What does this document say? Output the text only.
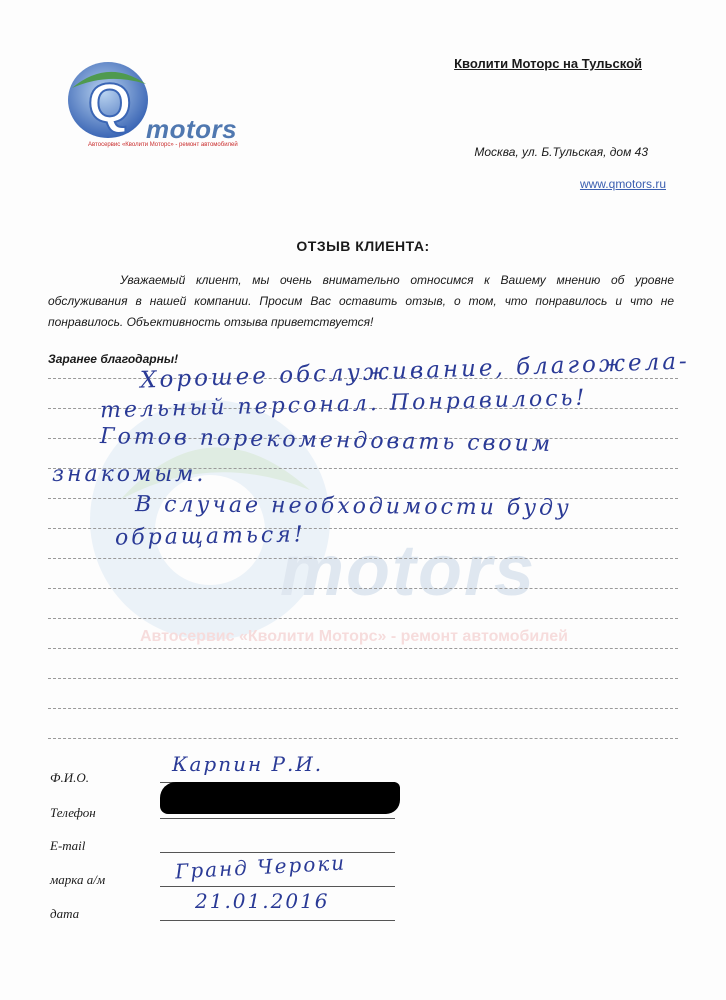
motors
Автосервис «Кволити Моторс» - ремонт автомобилей
Q motors
Автосервис «Кволити Моторс» - ремонт автомобилей
Кволити Моторс на Тульской
Москва, ул. Б.Тульская, дом 43
www.qmotors.ru
ОТЗЫВ КЛИЕНТА:
Уважаемый клиент, мы очень внимательно относимся к Вашему мнению об уровне обслуживания в нашей компании. Просим Вас оставить отзыв, о том, что понравилось и что не понравилось. Объективность отзыва приветствуется!
Заранее благодарны!
Хорошее обслуживание, благожела-
тельный персонал. Понравилось!
Готов порекомендовать своим
знакомым.
В случае необходимости буду
обращаться!
Ф.И.О.
Карпин Р.И.
Телефон
E-mail
марка а/м	Гранд Чероки
дата
21.01.2016
